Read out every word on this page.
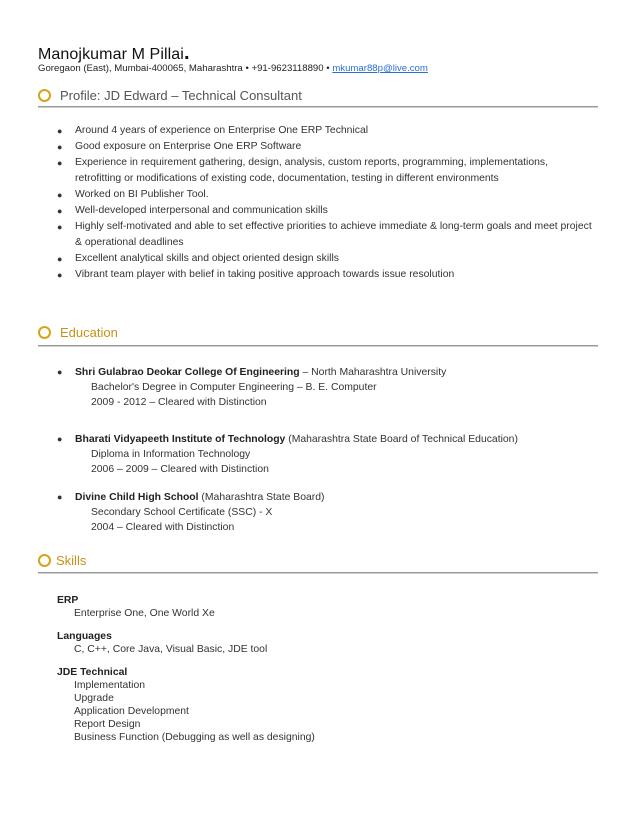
Manojkumar M Pillai.
Goregaon (East), Mumbai-400065, Maharashtra • +91-9623118890 • mkumar88p@live.com
Profile: JD Edward – Technical Consultant
●	Around 4 years of experience on Enterprise One ERP Technical
●	Good exposure on Enterprise One ERP Software
●	Experience in requirement gathering, design, analysis, custom reports, programming, implementations, retrofitting or modifications of existing code, documentation, testing in different environments
●	Worked on BI Publisher Tool.
●	Well-developed interpersonal and communication skills
●	Highly self-motivated and able to set effective priorities to achieve immediate & long-term goals and meet project & operational deadlines
●	Excellent analytical skills and object oriented design skills
●	Vibrant team player with belief in taking positive approach towards issue resolution
Education
●	Shri Gulabrao Deokar College Of Engineering – North Maharashtra University
Bachelor's Degree in Computer Engineering – B. E. Computer
2009 - 2012 – Cleared with Distinction
●	Bharati Vidyapeeth Institute of Technology (Maharashtra State Board of Technical Education)
Diploma in Information Technology
2006 – 2009 – Cleared with Distinction
●	Divine Child High School (Maharashtra State Board)
Secondary School Certificate (SSC) - X
2004 – Cleared with Distinction
Skills
ERP
Enterprise One, One World Xe
Languages
C, C++, Core Java, Visual Basic, JDE tool
JDE Technical
Implementation
Upgrade
Application Development
Report Design
Business Function (Debugging as well as designing)
